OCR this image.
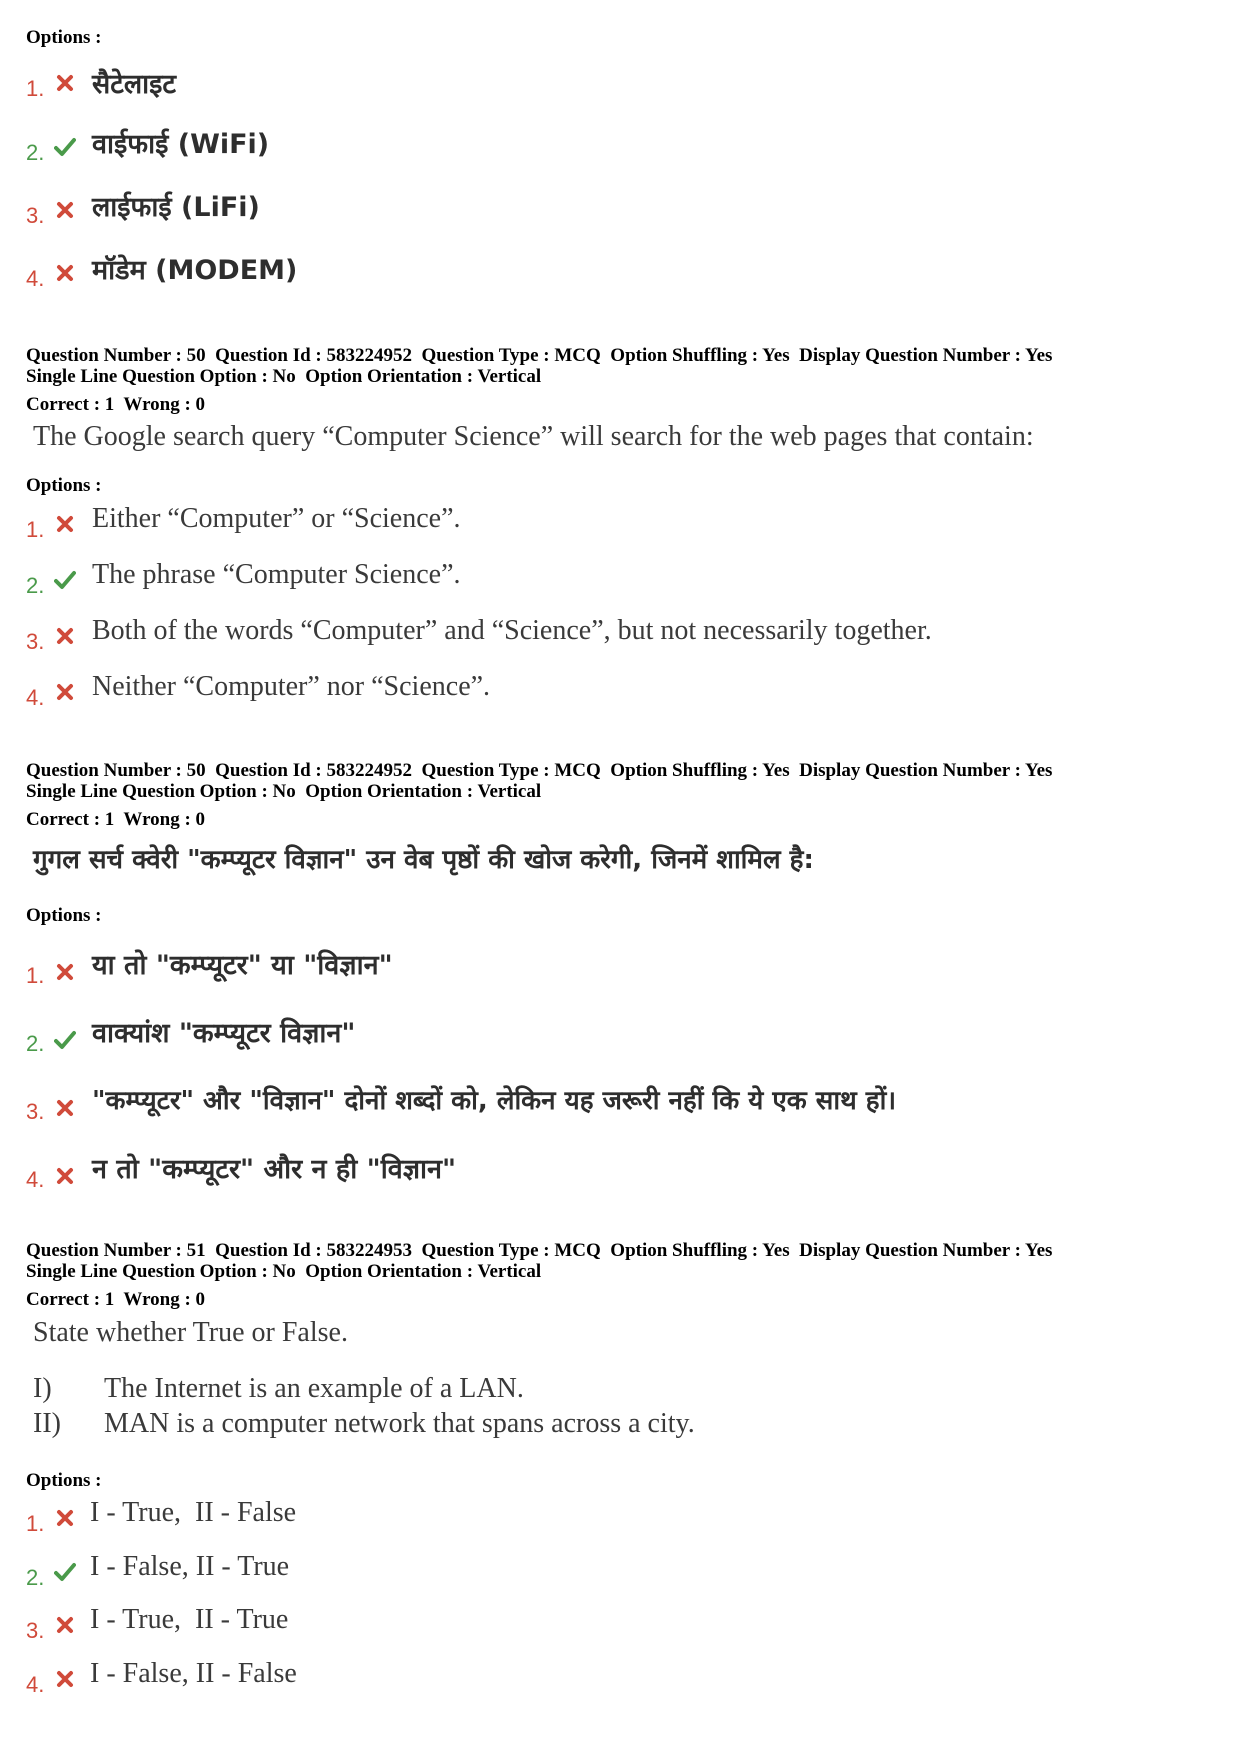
Options :
1. सैटेलाइट
2. वाईफाई (WiFi)
3. लाईफाई (LiFi)
4. मॉडेम (MODEM)
Question Number : 50  Question Id : 583224952  Question Type : MCQ  Option Shuffling : Yes  Display Question Number : Yes
Single Line Question Option : No  Option Orientation : Vertical
Correct : 1  Wrong : 0
The Google search query “Computer Science” will search for the web pages that contain:
Options :
1. Either “Computer” or “Science”.
2. The phrase “Computer Science”.
3. Both of the words “Computer” and “Science”, but not necessarily together.
4. Neither “Computer” nor “Science”.
Question Number : 50  Question Id : 583224952  Question Type : MCQ  Option Shuffling : Yes  Display Question Number : Yes
Single Line Question Option : No  Option Orientation : Vertical
Correct : 1  Wrong : 0
गुगल सर्च क्वेरी "कम्प्यूटर विज्ञान" उन वेब पृष्ठों की खोज करेगी, जिनमें शामिल है:
Options :
1. या तो "कम्प्यूटर" या "विज्ञान"
2. वाक्यांश "कम्प्यूटर विज्ञान"
3. "कम्प्यूटर" और "विज्ञान" दोनों शब्दों को, लेकिन यह जरूरी नहीं कि ये एक साथ हों।
4. न तो "कम्प्यूटर" और न ही "विज्ञान"
Question Number : 51  Question Id : 583224953  Question Type : MCQ  Option Shuffling : Yes  Display Question Number : Yes
Single Line Question Option : No  Option Orientation : Vertical
Correct : 1  Wrong : 0
State whether True or False.
I) The Internet is an example of a LAN.
II) MAN is a computer network that spans across a city.
Options :
1. I - True,  II - False
2. I - False, II - True
3. I - True,  II - True
4. I - False, II - False
